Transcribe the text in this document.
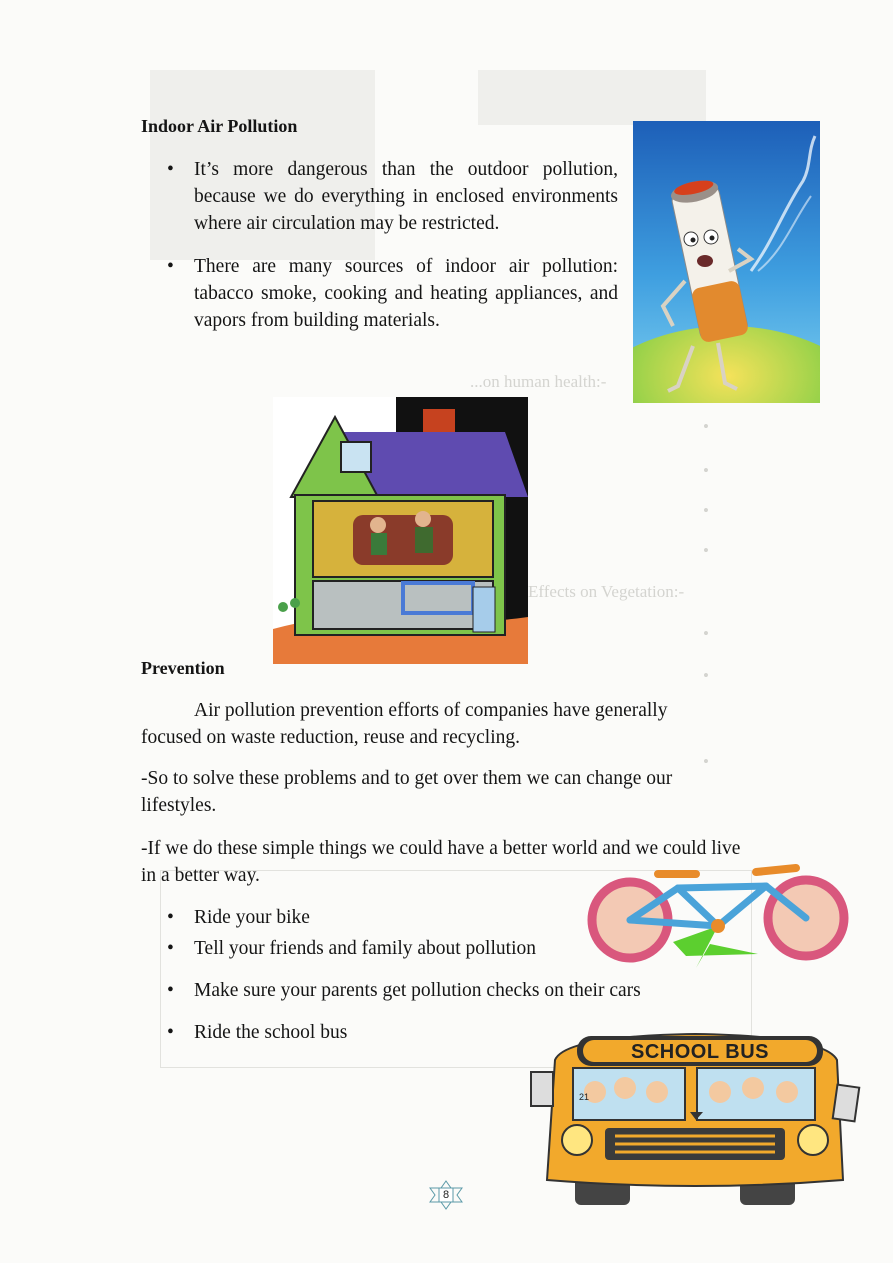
...on human health:-
•
•
•
•
Effects on Vegetation:-
•
•
•
Indoor Air Pollution
• It’s more dangerous than the outdoor pollution, because we do everything in enclosed environments where air circulation may be restricted.
• There are many sources of indoor air pollution: tabacco smoke, cooking and heating appliances, and vapors from building materials.
Prevention

Air pollution prevention efforts of companies have generally focused on waste reduction, reuse and recycling.

-So to solve these problems and to get over them we can change our lifestyles.

-If we do these simple things we could have a better world and we could live in a better way.

• Ride your bike
• Tell your friends and family about pollution
• Make sure your parents get pollution checks on their cars
• Ride the school bus
SCHOOL BUS
21
8
